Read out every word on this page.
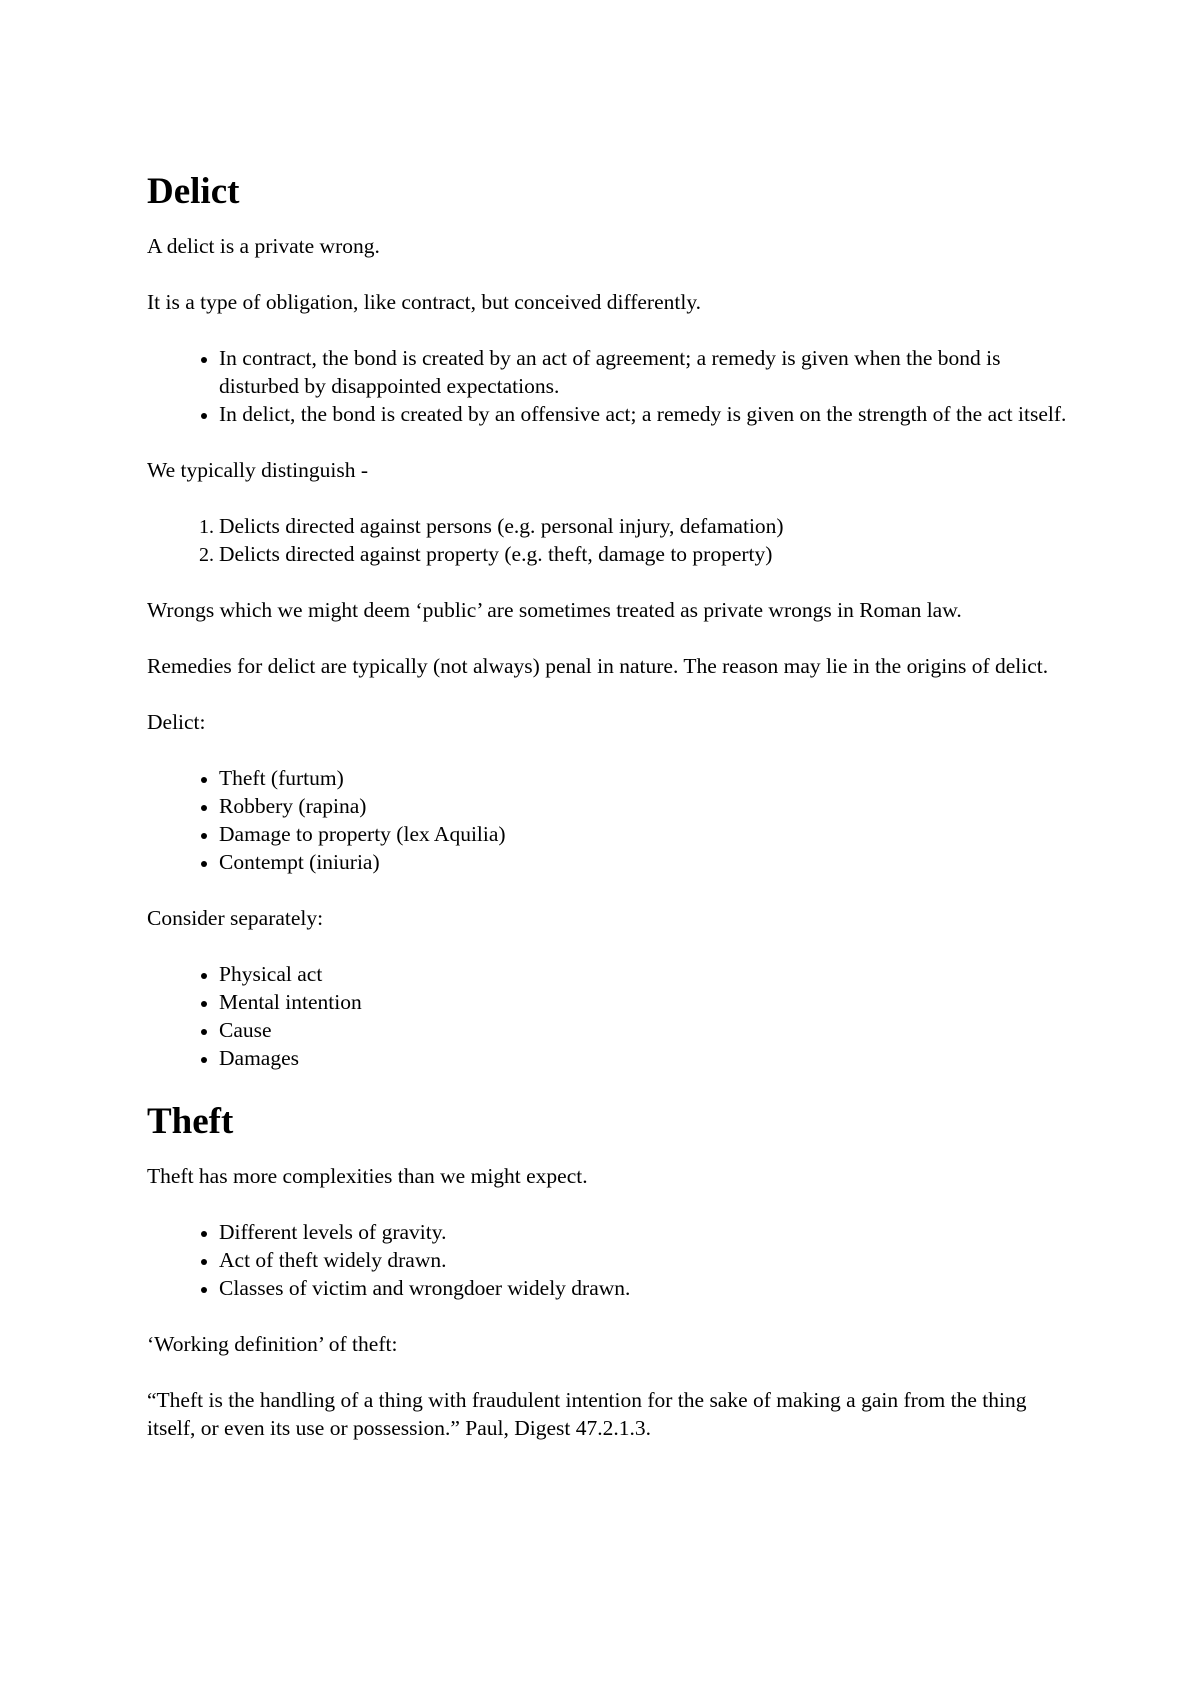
Delict

A delict is a private wrong.

It is a type of obligation, like contract, but conceived differently.

• In contract, the bond is created by an act of agreement; a remedy is given when the bond is disturbed by disappointed expectations.
• In delict, the bond is created by an offensive act; a remedy is given on the strength of the act itself.

We typically distinguish -

1. Delicts directed against persons (e.g. personal injury, defamation)
2. Delicts directed against property (e.g. theft, damage to property)

Wrongs which we might deem ‘public’ are sometimes treated as private wrongs in Roman law.

Remedies for delict are typically (not always) penal in nature. The reason may lie in the origins of delict.

Delict:

• Theft (furtum)
• Robbery (rapina)
• Damage to property (lex Aquilia)
• Contempt (iniuria)

Consider separately:

• Physical act
• Mental intention
• Cause
• Damages
Theft

Theft has more complexities than we might expect.

• Different levels of gravity.
• Act of theft widely drawn.
• Classes of victim and wrongdoer widely drawn.

‘Working definition’ of theft:

“Theft is the handling of a thing with fraudulent intention for the sake of making a gain from the thing itself, or even its use or possession.” Paul, Digest 47.2.1.3.
